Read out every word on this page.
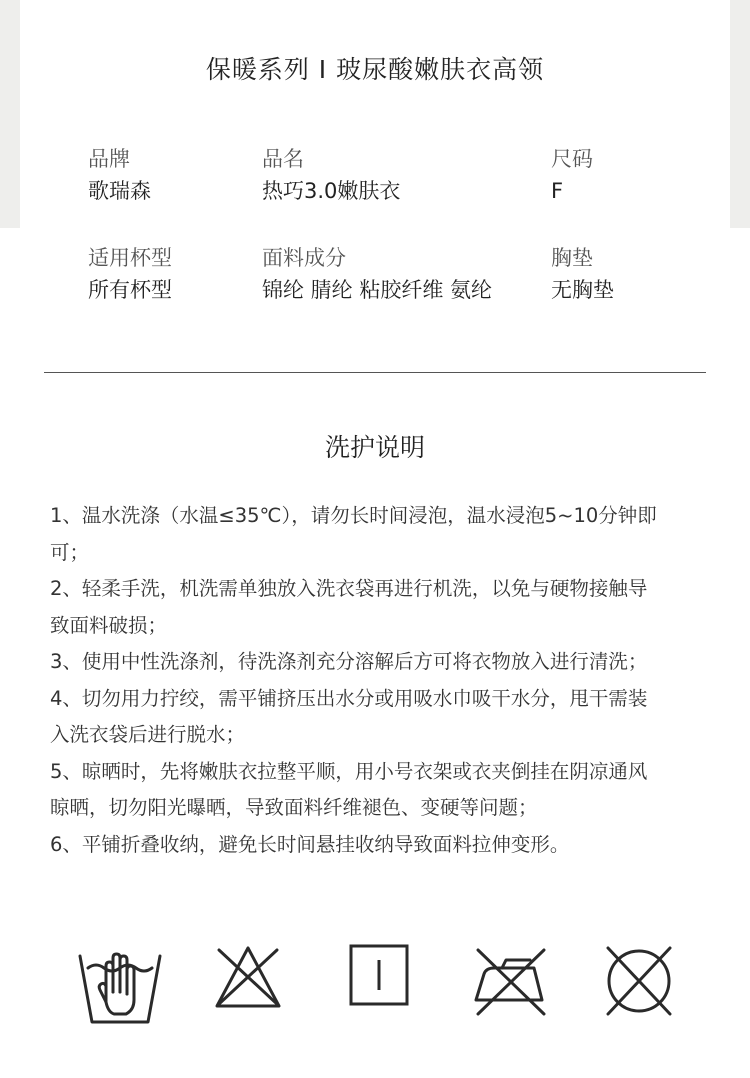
保暖系列 I 玻尿酸嫩肤衣高领
品牌
歌瑞森
品名
热巧3.0嫩肤衣
尺码
F
适用杯型
所有杯型
面料成分
锦纶 腈纶 粘胶纤维 氨纶
胸垫
无胸垫
洗护说明
1、温水洗涤（水温≤35℃），请勿长时间浸泡，温水浸泡5~10分钟即
可；
2、轻柔手洗，机洗需单独放入洗衣袋再进行机洗，以免与硬物接触导
致面料破损；
3、使用中性洗涤剂，待洗涤剂充分溶解后方可将衣物放入进行清洗；
4、切勿用力拧绞，需平铺挤压出水分或用吸水巾吸干水分，甩干需装
入洗衣袋后进行脱水；
5、晾晒时，先将嫩肤衣拉整平顺，用小号衣架或衣夹倒挂在阴凉通风
晾晒，切勿阳光曝晒，导致面料纤维褪色、变硬等问题；
6、平铺折叠收纳，避免长时间悬挂收纳导致面料拉伸变形。
